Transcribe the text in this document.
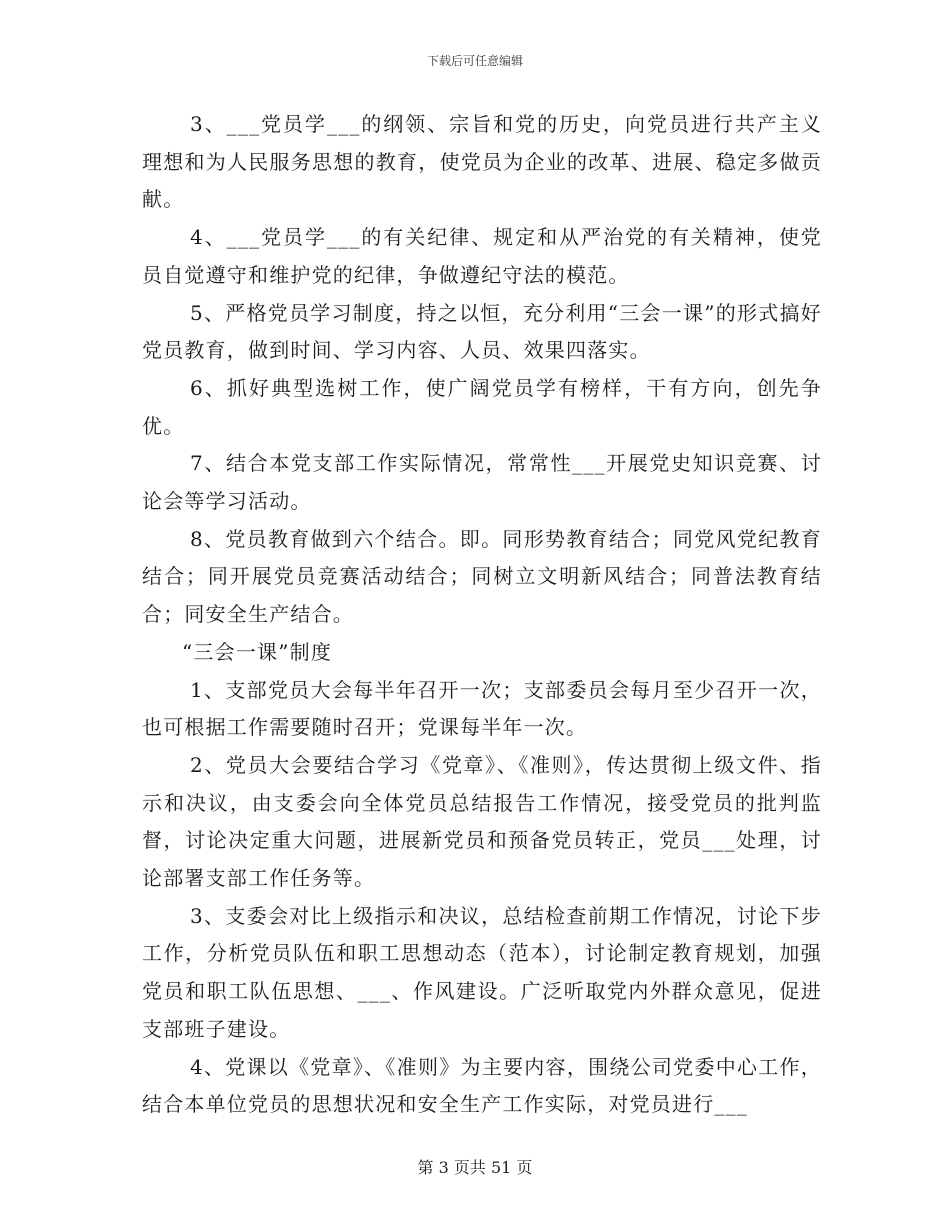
下载后可任意编辑

3、___党员学___的纲领、宗旨和党的历史，向党员进行共产主义理想和为人民服务思想的教育，使党员为企业的改革、进展、稳定多做贡献。

4、___党员学___的有关纪律、规定和从严治党的有关精神，使党员自觉遵守和维护党的纪律，争做遵纪守法的模范。

5、严格党员学习制度，持之以恒，充分利用“三会一课”的形式搞好党员教育，做到时间、学习内容、人员、效果四落实。

6、抓好典型选树工作，使广阔党员学有榜样，干有方向，创先争优。

7、结合本党支部工作实际情况，常常性___开展党史知识竞赛、讨论会等学习活动。

8、党员教育做到六个结合。即。同形势教育结合；同党风党纪教育结合；同开展党员竞赛活动结合；同树立文明新风结合；同普法教育结合；同安全生产结合。

“三会一课”制度

1、支部党员大会每半年召开一次；支部委员会每月至少召开一次，也可根据工作需要随时召开；党课每半年一次。

2、党员大会要结合学习《党章》、《准则》，传达贯彻上级文件、指示和决议，由支委会向全体党员总结报告工作情况，接受党员的批判监督，讨论决定重大问题，进展新党员和预备党员转正，党员___处理，讨论部署支部工作任务等。

3、支委会对比上级指示和决议，总结检查前期工作情况，讨论下步工作，分析党员队伍和职工思想动态（范本），讨论制定教育规划，加强党员和职工队伍思想、___、作风建设。广泛听取党内外群众意见，促进支部班子建设。

4、党课以《党章》、《准则》为主要内容，围绕公司党委中心工作，结合本单位党员的思想状况和安全生产工作实际，对党员进行___

第 3 页共 51 页
